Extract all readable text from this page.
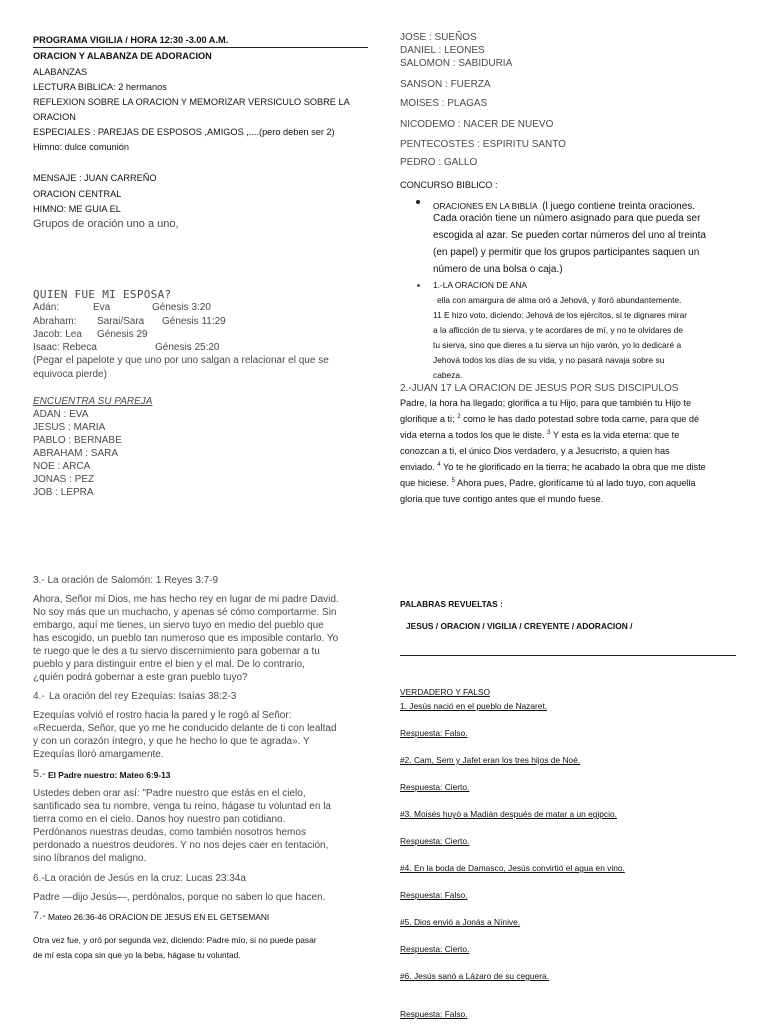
PROGRAMA VIGILIA / HORA 12:30 -3.00 A.M.
ORACION Y ALABANZA DE ADORACION
ALABANZAS
LECTURA BIBLICA: 2 hermanos
REFLEXION SOBRE LA ORACION Y MEMORIZAR VERSICULO SOBRE LA
ORACION
ESPECIALES : PAREJAS DE ESPOSOS ,AMIGOS ,....(pero deben ser 2)
Himno: dulce comunión
MENSAJE : JUAN CARREÑO
ORACION CENTRAL
HIMNO: ME GUIA EL
Grupos de oración uno a uno,
QUIEN FUE MI ESPOSA?
Adán:	Eva	Génesis 3:20
Abraham: Sarai/Sara Génesis 11:29
Jacob: Lea Génesis 29
Isaac: Rebeca	Génesis 25:20
(Pegar el papelote y que uno por uno salgan a relacionar el que se
equivoca pierde)
ENCUENTRA SU PAREJA
ADAN : EVA
JESUS : MARIA
PABLO : BERNABE
ABRAHAM : SARA
NOE : ARCA
JONAS : PEZ
JOB : LEPRA
3.- La oración de Salomón: 1 Reyes 3:7-9
Ahora, Señor mi Dios, me has hecho rey en lugar de mi padre David.
No soy más que un muchacho, y apenas sé cómo comportarme. Sin
embargo, aquí me tienes, un siervo tuyo en medio del pueblo que
has escogido, un pueblo tan numeroso que es imposible contarlo. Yo
te ruego que le des a tu siervo discernimiento para gobernar a tu
pueblo y para distinguir entre el bien y el mal. De lo contrario,
¿quién podrá gobernar a este gran pueblo tuyo?
4.- La oración del rey Ezequías: Isaías 38:2-3
Ezequías volvió el rostro hacia la pared y le rogó al Señor:
«Recuerda, Señor, que yo me he conducido delante de ti con lealtad
y con un corazón íntegro, y que he hecho lo que te agrada». Y
Ezequías lloró amargamente.
5.- El Padre nuestro: Mateo 6:9-13
Ustedes deben orar así: "Padre nuestro que estás en el cielo,
santificado sea tu nombre, venga tu reino, hágase tu voluntad en la
tierra como en el cielo. Danos hoy nuestro pan cotidiano.
Perdónanos nuestras deudas, como también nosotros hemos
perdonado a nuestros deudores. Y no nos dejes caer en tentación,
sino líbranos del maligno.
6.-La oración de Jesús en la cruz: Lucas 23:34a
Padre —dijo Jesús—, perdónalos, porque no saben lo que hacen.
7.- Mateo 26:36-46 ORACION DE JESUS EN EL GETSEMANI
Otra vez fue, y oró por segunda vez, diciendo: Padre mío, si no puede pasar
de mí esta copa sin que yo la beba, hágase tu voluntad.
JOSE : SUEÑOS
DANIEL : LEONES
SALOMON : SABIDURIA
SANSON : FUERZA
MOISES : PLAGAS
NICODEMO : NACER DE NUEVO
PENTECOSTES : ESPIRITU SANTO
PEDRO : GALLO
CONCURSO BIBLICO :
ORACIONES EN LA BIBLIA (l juego contiene treinta oraciones.
Cada oración tiene un número asignado para que pueda ser
escogida al azar. Se pueden cortar números del uno al treinta
(en papel) y permitir que los grupos participantes saquen un
número de una bolsa o caja.)
1.-LA ORACION DE ANA
ella con amargura de alma oró a Jehová, y lloró abundantemente.
11 E hizo voto, diciendo: Jehová de los ejércitos, si te dignares mirar
a la aflicción de tu sierva, y te acordares de mí, y no te olvidares de
tu sierva, sino que dieres a tu sierva un hijo varón, yo lo dedicaré a
Jehová todos los días de su vida, y no pasará navaja sobre su
cabeza.
2.-JUAN 17 LA ORACION DE JESUS POR SUS DISCIPULOS
Padre, la hora ha llegado; glorifica a tu Hijo, para que también tu Hijo te
glorifique a ti; $^2$ como le has dado potestad sobre toda carne, para que dé
vida eterna a todos los que le diste. $^3$ Y esta es la vida eterna: que te
conozcan a ti, el único Dios verdadero, y a Jesucristo, a quien has
enviado. $^4$ Yo te he glorificado en la tierra; he acabado la obra que me diste
que hiciese. $^5$ Ahora pues, Padre, glorifícame tú al lado tuyo, con aquella
gloria que tuve contigo antes que el mundo fuese.
PALABRAS REVUELTAS :
JESUS / ORACION / VIGILIA / CREYENTE / ADORACION /
VERDADERO Y FALSO
1. Jesús nació en el pueblo de Nazaret.
Respuesta: Falso.
#2. Cam, Sem y Jafet eran los tres hijos de Noé.
Respuesta: Cierto.
#3. Moisés huyó a Madián después de matar a un egipcio.
Respuesta: Cierto.
#4. En la boda de Damasco, Jesús convirtió el agua en vino.
Respuesta: Falso.
#5. Dios envió a Jonás a Nínive.
Respuesta: Cierto.
#6. Jesús sanó a Lázaro de su ceguera.
Respuesta: Falso.
